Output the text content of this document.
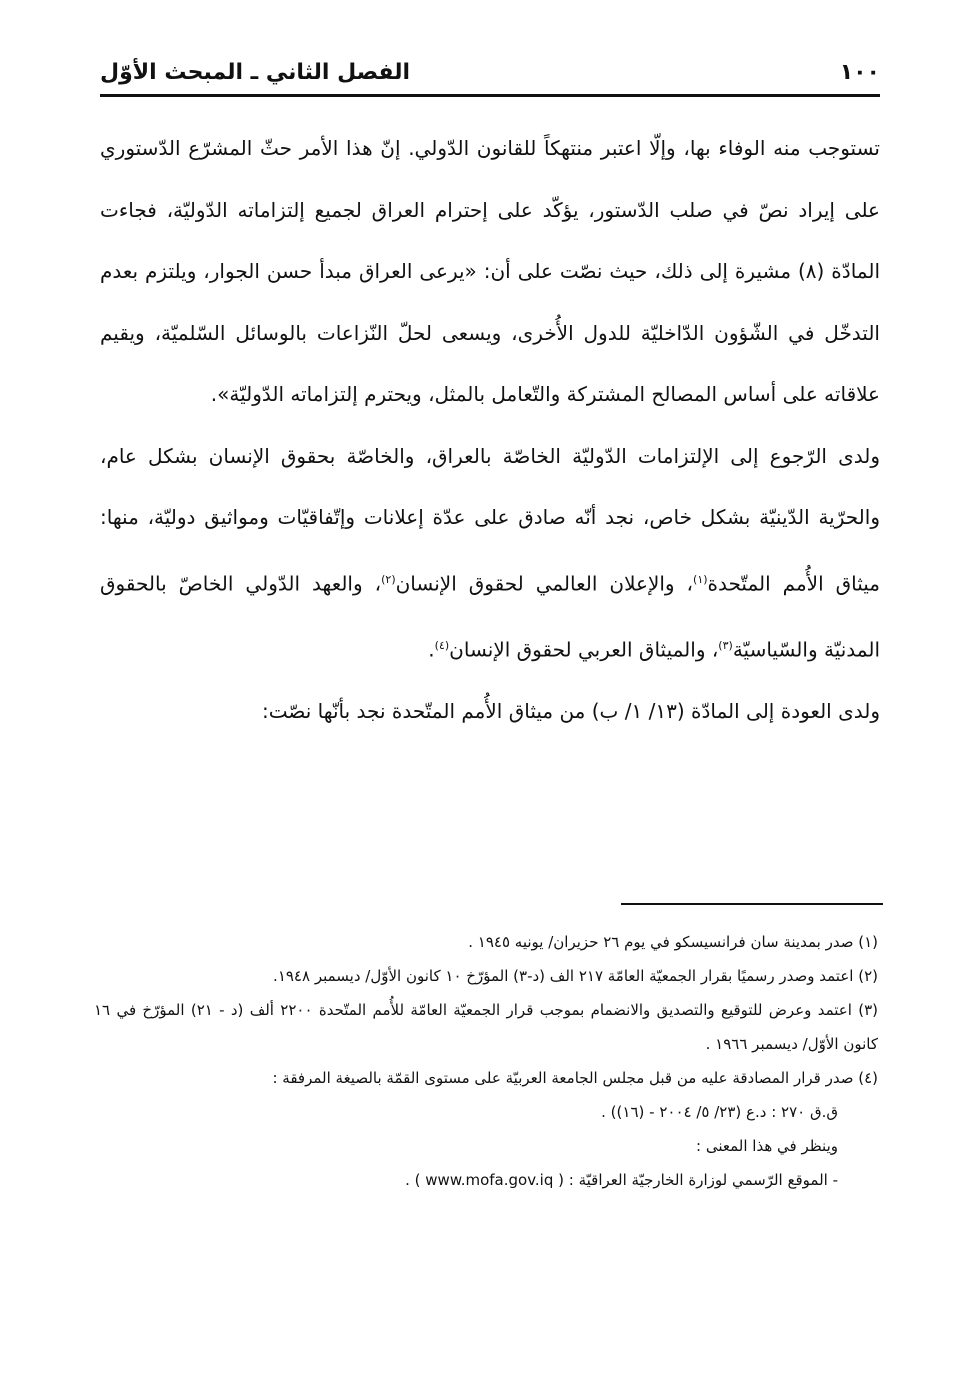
١٠٠
الفصل الثاني ـ المبحث الأوّل

تستوجب منه الوفاء بها، وإلّا اعتبر منتهكاً للقانون الدّولي. إنّ هذا الأمر حثّ المشرّع الدّستوري على إيراد نصّ في صلب الدّستور، يؤكّد على إحترام العراق لجميع إلتزاماته الدّوليّة، فجاءت المادّة (٨) مشيرة إلى ذلك، حيث نصّت على أن: «يرعى العراق مبدأ حسن الجوار، ويلتزم بعدم التدخّل في الشّؤون الدّاخليّة للدول الأُخرى، ويسعى لحلّ النّزاعات بالوسائل السّلميّة، ويقيم علاقاته على أساس المصالح المشتركة والتّعامل بالمثل، ويحترم إلتزاماته الدّوليّة».

ولدى الرّجوع إلى الإلتزامات الدّوليّة الخاصّة بالعراق، والخاصّة بحقوق الإنسان بشكل عام، والحرّية الدّينيّة بشكل خاص، نجد أنّه صادق على عدّة إعلانات وإتّفاقيّات ومواثيق دوليّة، منها: ميثاق الأُمم المتّحدة$^{(١)}$، والإعلان العالمي لحقوق الإنسان$^{(٢)}$، والعهد الدّولي الخاصّ بالحقوق المدنيّة والسّياسيّة$^{(٣)}$، والميثاق العربي لحقوق الإنسان$^{(٤)}$.

ولدى العودة إلى المادّة (١٣/ ١/ ب) من ميثاق الأُمم المتّحدة نجد بأنّها نصّت:

(١) صدر بمدينة سان فرانسيسكو في يوم ٢٦ حزيران/ يونيه ١٩٤٥ .

(٢) اعتمد وصدر رسميًا بقرار الجمعيّة العامّة ٢١٧ الف (د-٣) المؤرّخ ١٠ كانون الأوّل/ ديسمبر ١٩٤٨.

(٣) اعتمد وعرض للتوقيع والتصديق والانضمام بموجب قرار الجمعيّة العامّة للأُمم المتّحدة ٢٢٠٠ ألف (د - ٢١) المؤرّخ في ١٦ كانون الأوّل/ ديسمبر ١٩٦٦ .

(٤) صدر قرار المصادقة عليه من قبل مجلس الجامعة العربيّة على مستوى القمّة بالصيغة المرفقة :

ق.ق ٢٧٠ : د.ع (٢٣/ ٥/ ٢٠٠٤ - (١٦)) .

وينظر في هذا المعنى :

- الموقع الرّسمي لوزارة الخارجيّة العراقيّة : ( www.mofa.gov.iq ) .
